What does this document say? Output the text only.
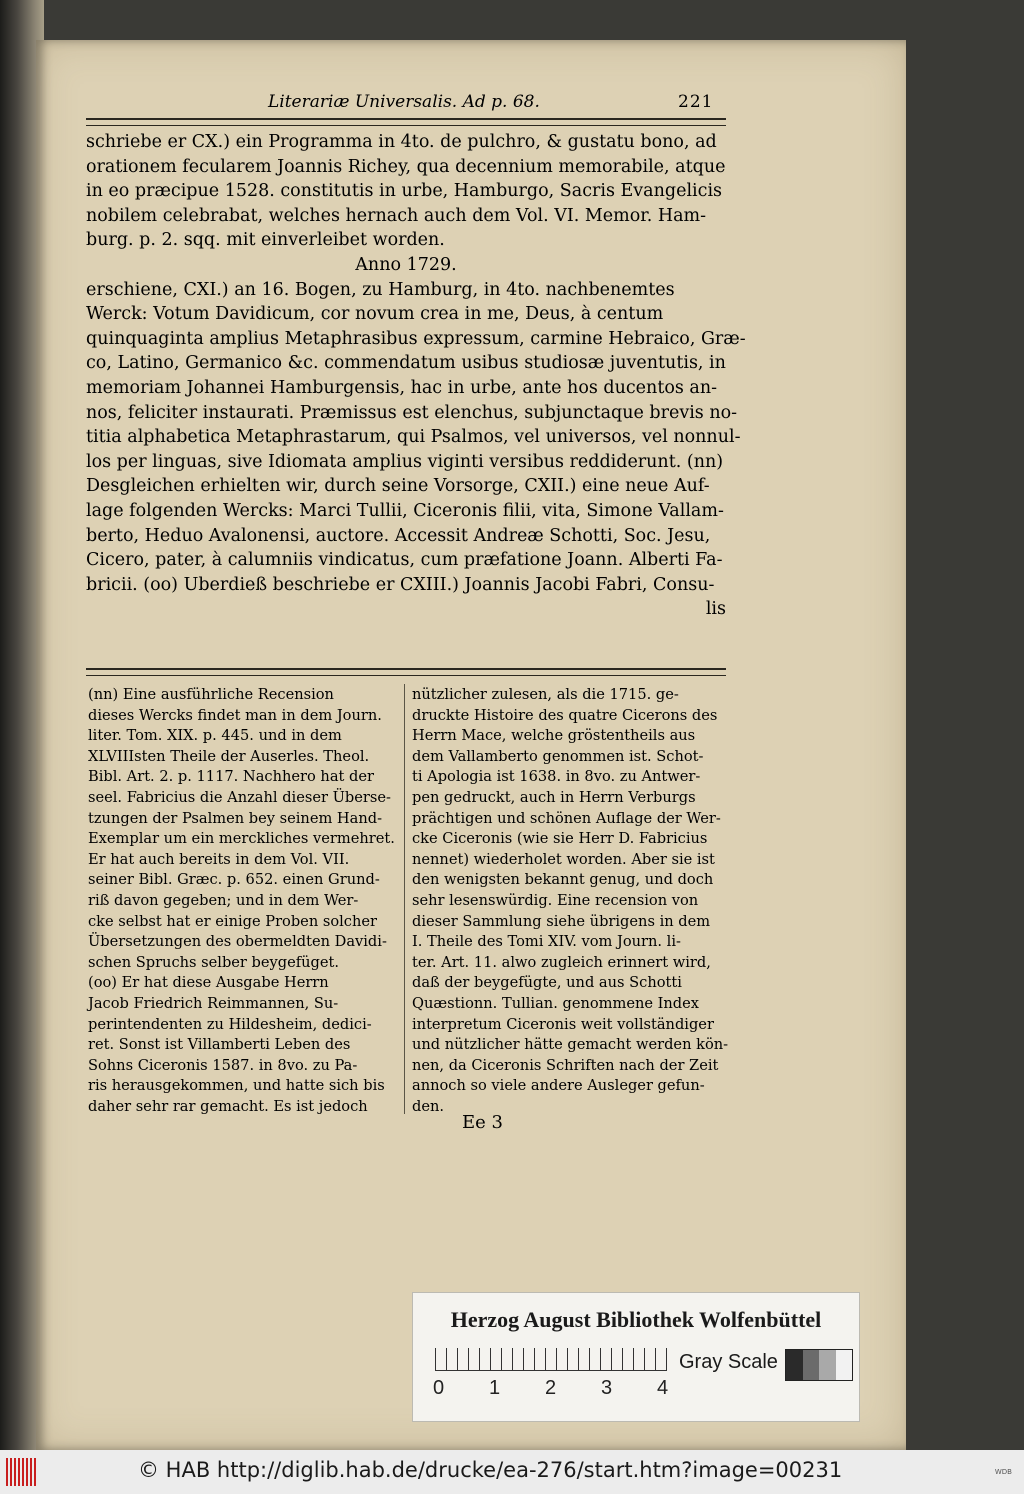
Literariæ Universalis. Ad p. 68.	221
schriebe er CX.) ein Programma in 4to. de pulchro, & gustatu bono, ad
orationem fecularem Joannis Richey, qua decennium memorabile, atque
in eo præcipue 1528. constitutis in urbe, Hamburgo, Sacris Evangelicis
nobilem celebrabat, welches hernach auch dem Vol. VI. Memor. Ham-
burg. p. 2. sqq. mit einverleibet worden.
Anno 1729.
erschiene, CXI.) an 16. Bogen, zu Hamburg, in 4to. nachbenemtes
Werck: Votum Davidicum, cor novum crea in me, Deus, à centum
quinquaginta amplius Metaphrasibus expressum, carmine Hebraico, Græ-
co, Latino, Germanico &c. commendatum usibus studiosæ juventutis, in
memoriam Johannei Hamburgensis, hac in urbe, ante hos ducentos an-
nos, feliciter instaurati. Præmissus est elenchus, subjunctaque brevis no-
titia alphabetica Metaphrastarum, qui Psalmos, vel universos, vel nonnul-
los per linguas, sive Idiomata amplius viginti versibus reddiderunt. (nn)
Desgleichen erhielten wir, durch seine Vorsorge, CXII.) eine neue Auf-
lage folgenden Wercks: Marci Tullii, Ciceronis filii, vita, Simone Vallam-
berto, Heduo Avalonensi, auctore. Accessit Andreæ Schotti, Soc. Jesu,
Cicero, pater, à calumniis vindicatus, cum præfatione Joann. Alberti Fa-
bricii. (oo) Uberdieß beschriebe er CXIII.) Joannis Jacobi Fabri, Consu-
lis
(nn) Eine ausführliche Recension
dieses Wercks findet man in dem Journ.
liter. Tom. XIX. p. 445. und in dem
XLVIIIsten Theile der Auserles. Theol.
Bibl. Art. 2. p. 1117. Nachhero hat der
seel. Fabricius die Anzahl dieser Überse-
tzungen der Psalmen bey seinem Hand-
Exemplar um ein merckliches vermehret.
Er hat auch bereits in dem Vol. VII.
seiner Bibl. Græc. p. 652. einen Grund-
riß davon gegeben; und in dem Wer-
cke selbst hat er einige Proben solcher
Übersetzungen des obermeldten Davidi-
schen Spruchs selber beygefüget.
(oo) Er hat diese Ausgabe Herrn
Jacob Friedrich Reimmannen, Su-
perintendenten zu Hildesheim, dedici-
ret. Sonst ist Villamberti Leben des
Sohns Ciceronis 1587. in 8vo. zu Pa-
ris herausgekommen, und hatte sich bis
daher sehr rar gemacht. Es ist jedoch
nützlicher zulesen, als die 1715. ge-
druckte Histoire des quatre Cicerons des
Herrn Mace, welche gröstentheils aus
dem Vallamberto genommen ist. Schot-
ti Apologia ist 1638. in 8vo. zu Antwer-
pen gedruckt, auch in Herrn Verburgs
prächtigen und schönen Auflage der Wer-
cke Ciceronis (wie sie Herr D. Fabricius
nennet) wiederholet worden. Aber sie ist
den wenigsten bekannt genug, und doch
sehr lesenswürdig. Eine recension von
dieser Sammlung siehe übrigens in dem
I. Theile des Tomi XIV. vom Journ. li-
ter. Art. 11. alwo zugleich erinnert wird,
daß der beygefügte, und aus Schotti
Quæstionn. Tullian. genommene Index
interpretum Ciceronis weit vollständiger
und nützlicher hätte gemacht werden kön-
nen, da Ciceronis Schriften nach der Zeit
annoch so viele andere Ausleger gefun-
den.
Ee 3
Herzog August Bibliothek Wolfenbüttel
0 1 2 3 4
Gray Scale
© HAB http://diglib.hab.de/drucke/ea-276/start.htm?image=00231	WDB
